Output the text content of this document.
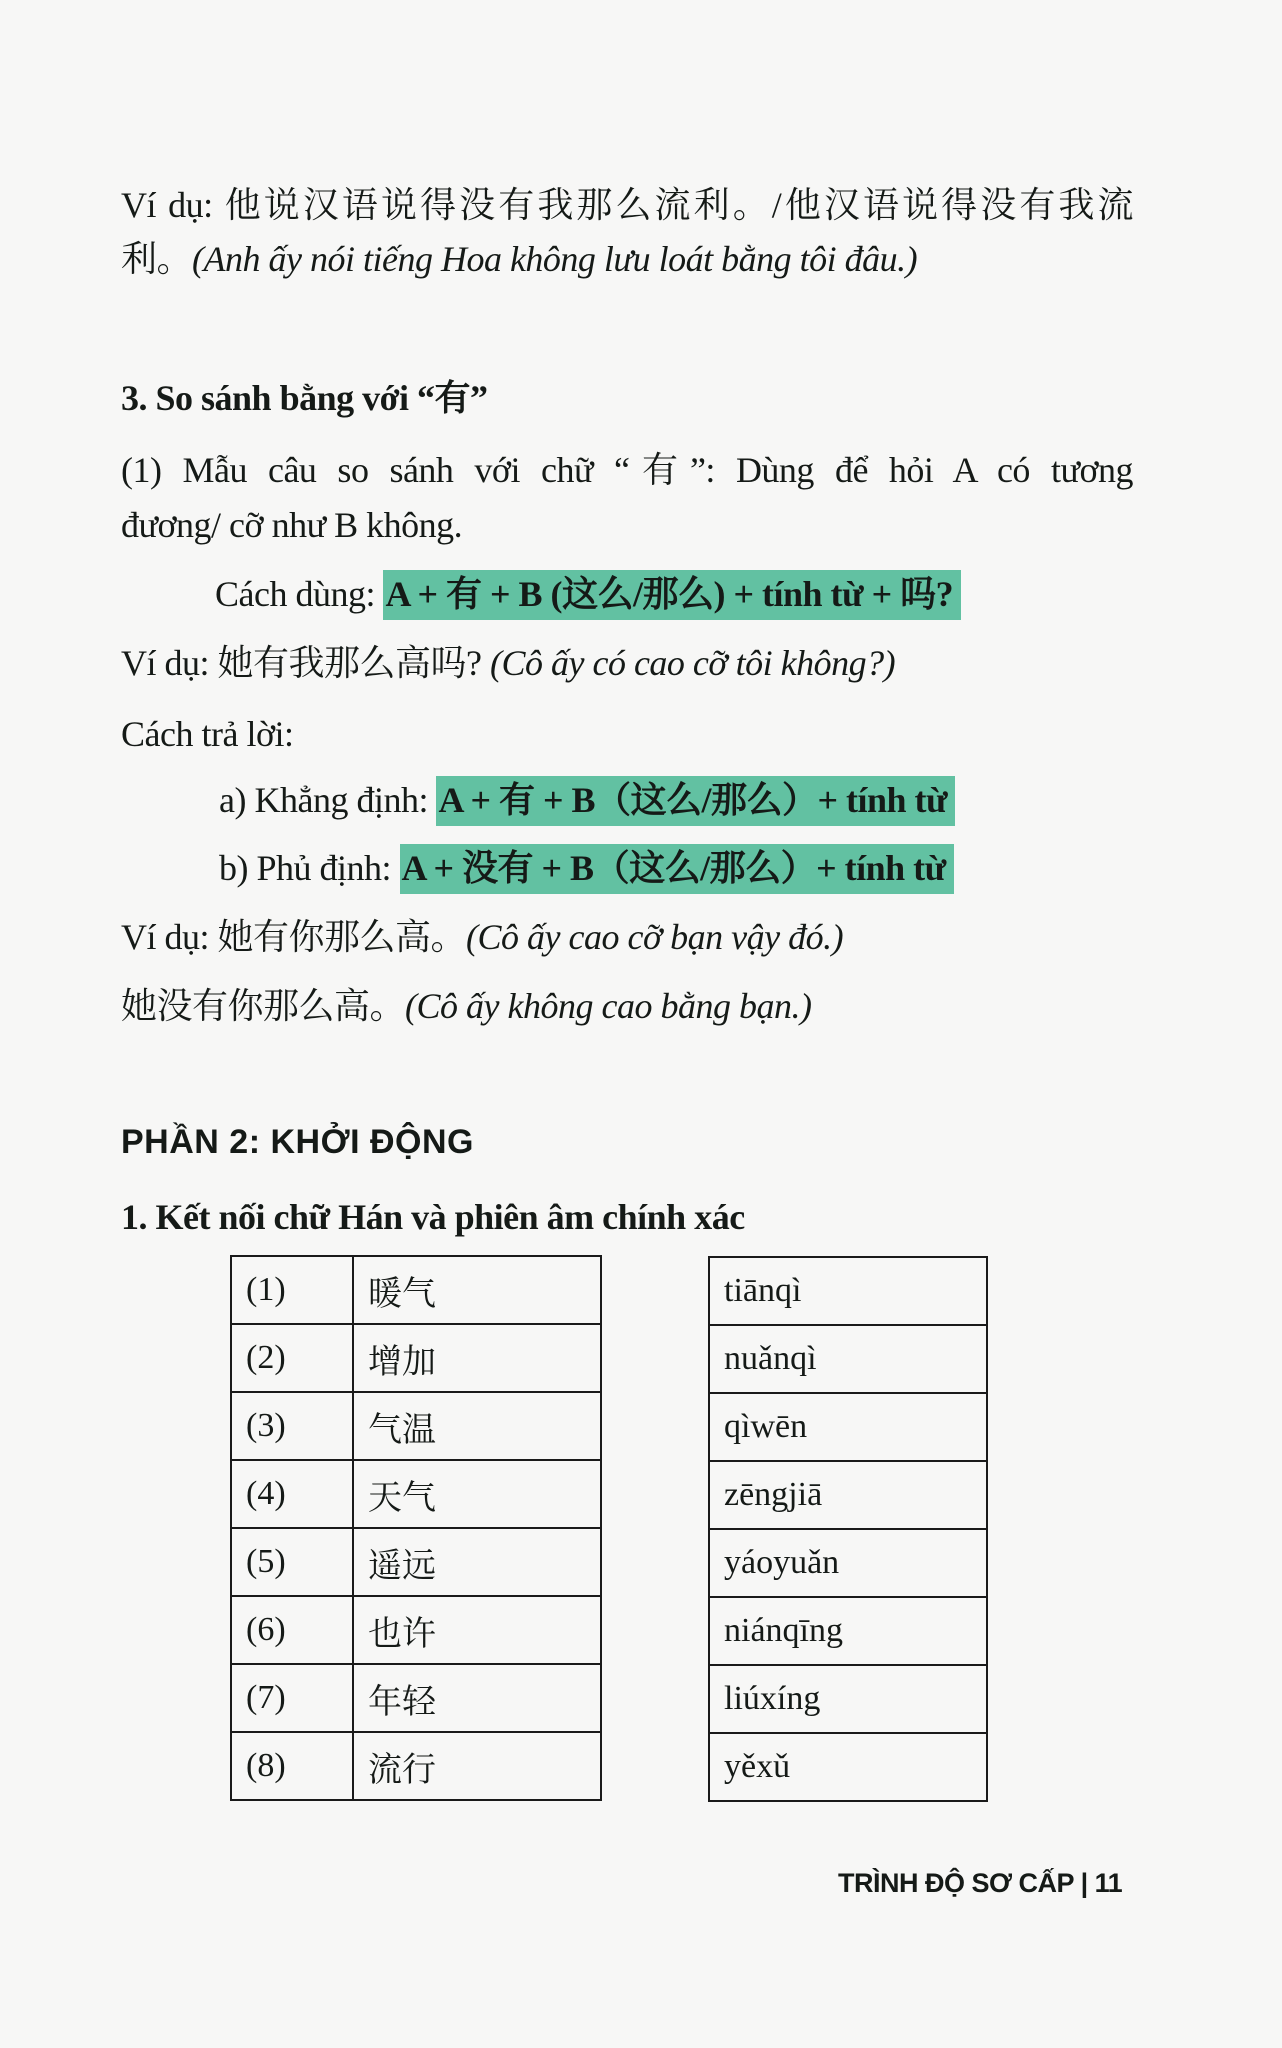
Ví dụ: 他说汉语说得没有我那么流利。/他汉语说得没有我流
利。(Anh ấy nói tiếng Hoa không lưu loát bằng tôi đâu.)
3. So sánh bằng với “有”
(1) Mẫu câu so sánh với chữ “有”: Dùng để hỏi A có tương
đương/ cỡ như B không.
Cách dùng: A + 有 + B (这么/那么) + tính từ + 吗?
Ví dụ: 她有我那么高吗? (Cô ấy có cao cỡ tôi không?)
Cách trả lời:
a) Khẳng định: A + 有 + B（这么/那么）+ tính từ
b) Phủ định: A + 没有 + B（这么/那么）+ tính từ
Ví dụ: 她有你那么高。(Cô ấy cao cỡ bạn vậy đó.)
她没有你那么高。(Cô ấy không cao bằng bạn.)
PHẦN 2: KHỞI ĐỘNG
1. Kết nối chữ Hán và phiên âm chính xác
(1)	暖气
(2)	增加
(3)	气温
(4)	天气
(5)	遥远
(6)	也许
(7)	年轻
(8)	流行
tiānqì
nuǎnqì
qìwēn
zēngjiā
yáoyuǎn
niánqīng
liúxíng
yěxǔ
TRÌNH ĐỘ SƠ CẤP | 11
